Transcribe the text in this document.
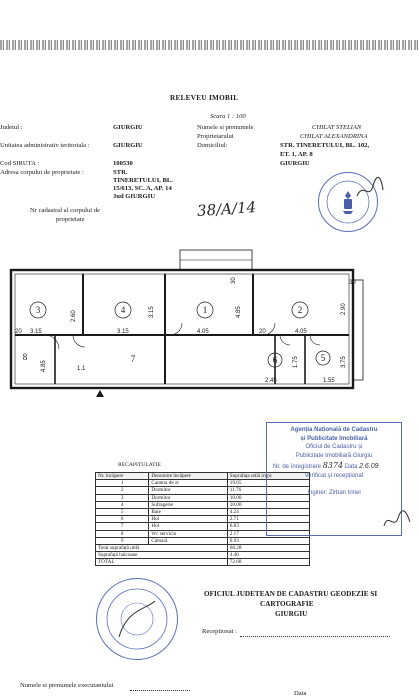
RELEVEU IMOBIL
Scara 1 : 100
Judetul :	GIURGIU
Unitatea administrativ teritoriala :	GIURGIU
Cod SIRUTA :	100530
Adresa corpului de proprietate :	STR.
TINERETULUI, BL.
15/613, SC. A, AP. 14
Jud GIURGIU
Numele si prenumele	CHILAT STELIAN
Proprietarului	CHILAT ALEXANDRINA
Domiciliul:	STR. TINERETULUI, BL. 102,
ET. 1, AP. 8
GIURGIU
Nr cadastral al corpului de
proprietate	38/A/14
3	4	1	2
8	7	6	5
20 3.15
2.60
3.15
3.15
4.05
4.85
30
2.90
4.05
20
2.45	1.55
4.85	3.75
1.75
1.1
30
RECAPITULATIE
Nr. încăpere	Denumire încăpere	Suprafața utilă (mp)
1	Camera de zi	19.65
2	Dormitor	11.76
3	Dormitor	10.00
4	Sufragerie	10.00
5	Baie	4.24
6	Hol	2.71
7	Hol	6.83
8	Wc serviciu	2.17
9	Cămară	0.93
Total suprafață utilă		68.28
Suprafață balcoane		4.40
TOTAL		72.68
Agenția Națională de Cadastru
și Publicitate Imobiliară
Oficiul de Cadastru și
Publicitate Imobiliară Giurgiu
Nr. de înregistrare 8374 Data 2.6.09
Verificat și recepționat
Inginer: Zirban Irinel
OFICIUL JUDETEAN DE CADASTRU GEODEZIE SI
CARTOGRAFIE
GIURGIU
Receptionat :
Numele si prenumele executantului
Data
